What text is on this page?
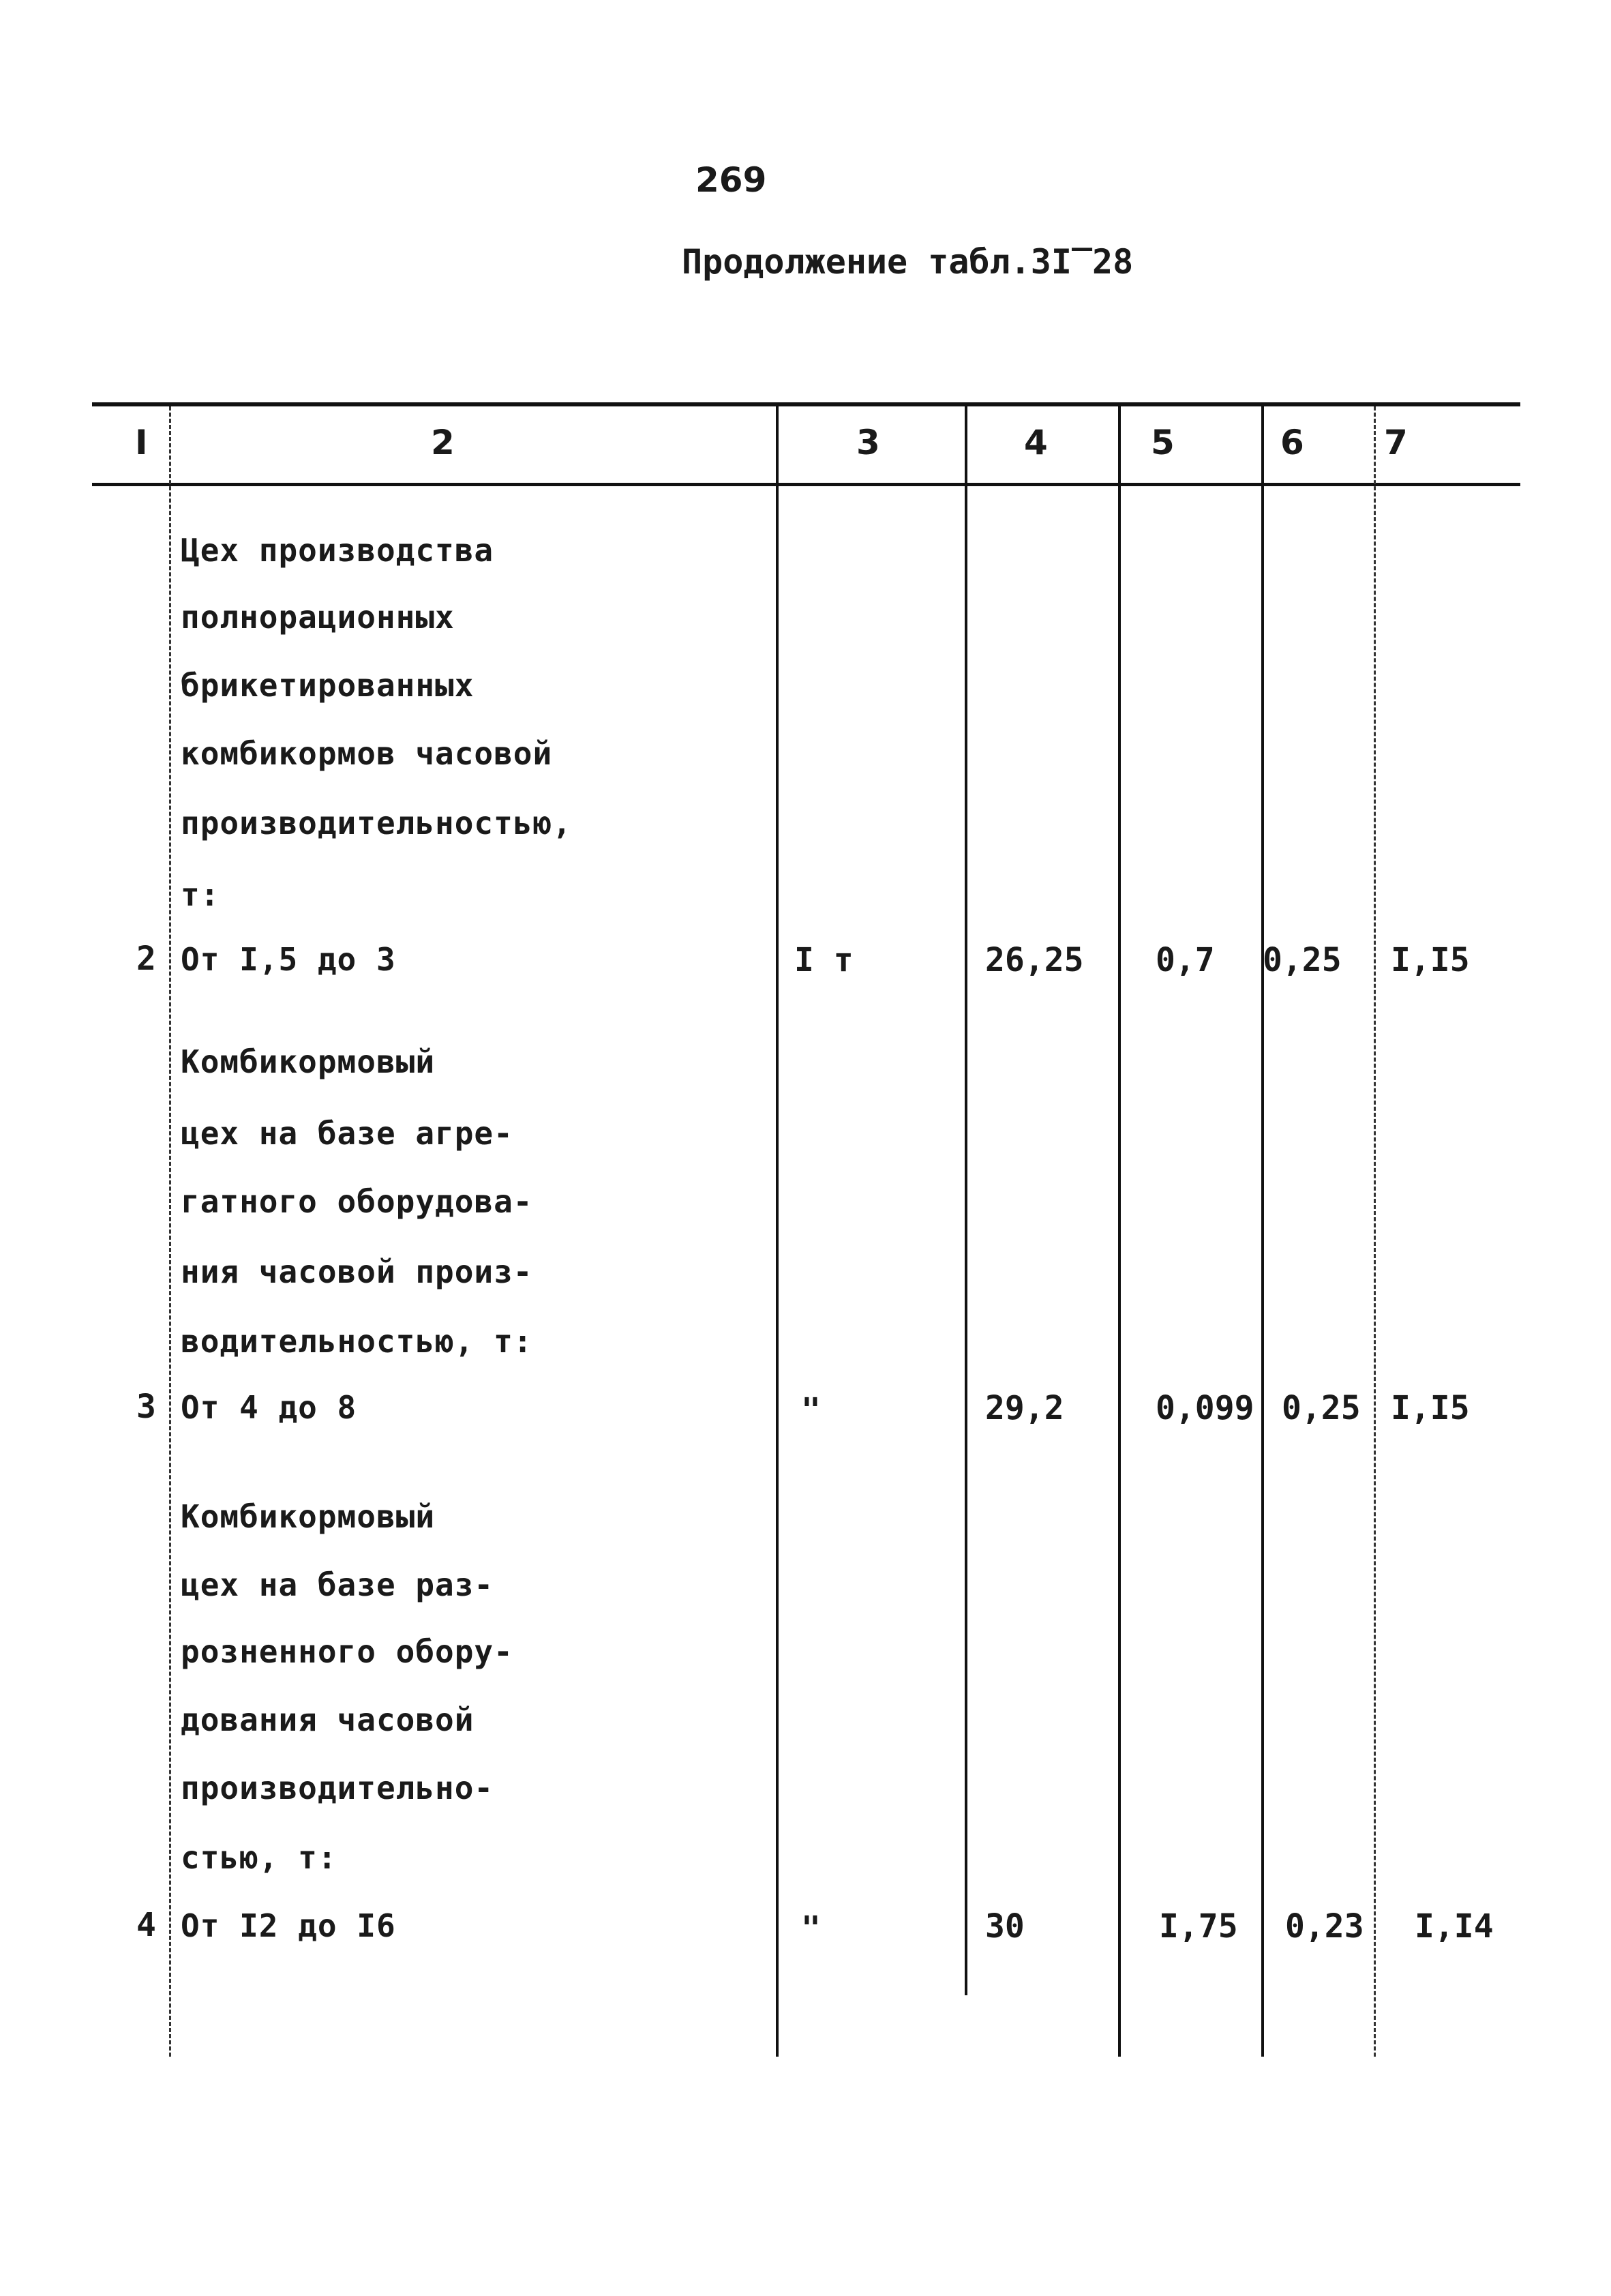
269
Продолжение табл.3I‾28
I	2	3	4	5	6 7
Цех производства
полнорационных
брикетированных
комбикормов часовой
производительностью,
т:
2 От I,5 до 3	I т	26,25 0,7 0,25 I,I5
Комбикормовый
цех на базе агре-
гатного оборудова-
ния часовой произ-
водительностью, т:
3 От 4 до 8	"	29,2	0,099 0,25 I,I5
Комбикормовый
цех на базе раз-
розненного обору-
дования часовой
производительно-
стью, т:
4 От I2 до I6	"	30	I,75 0,23 I,I4
